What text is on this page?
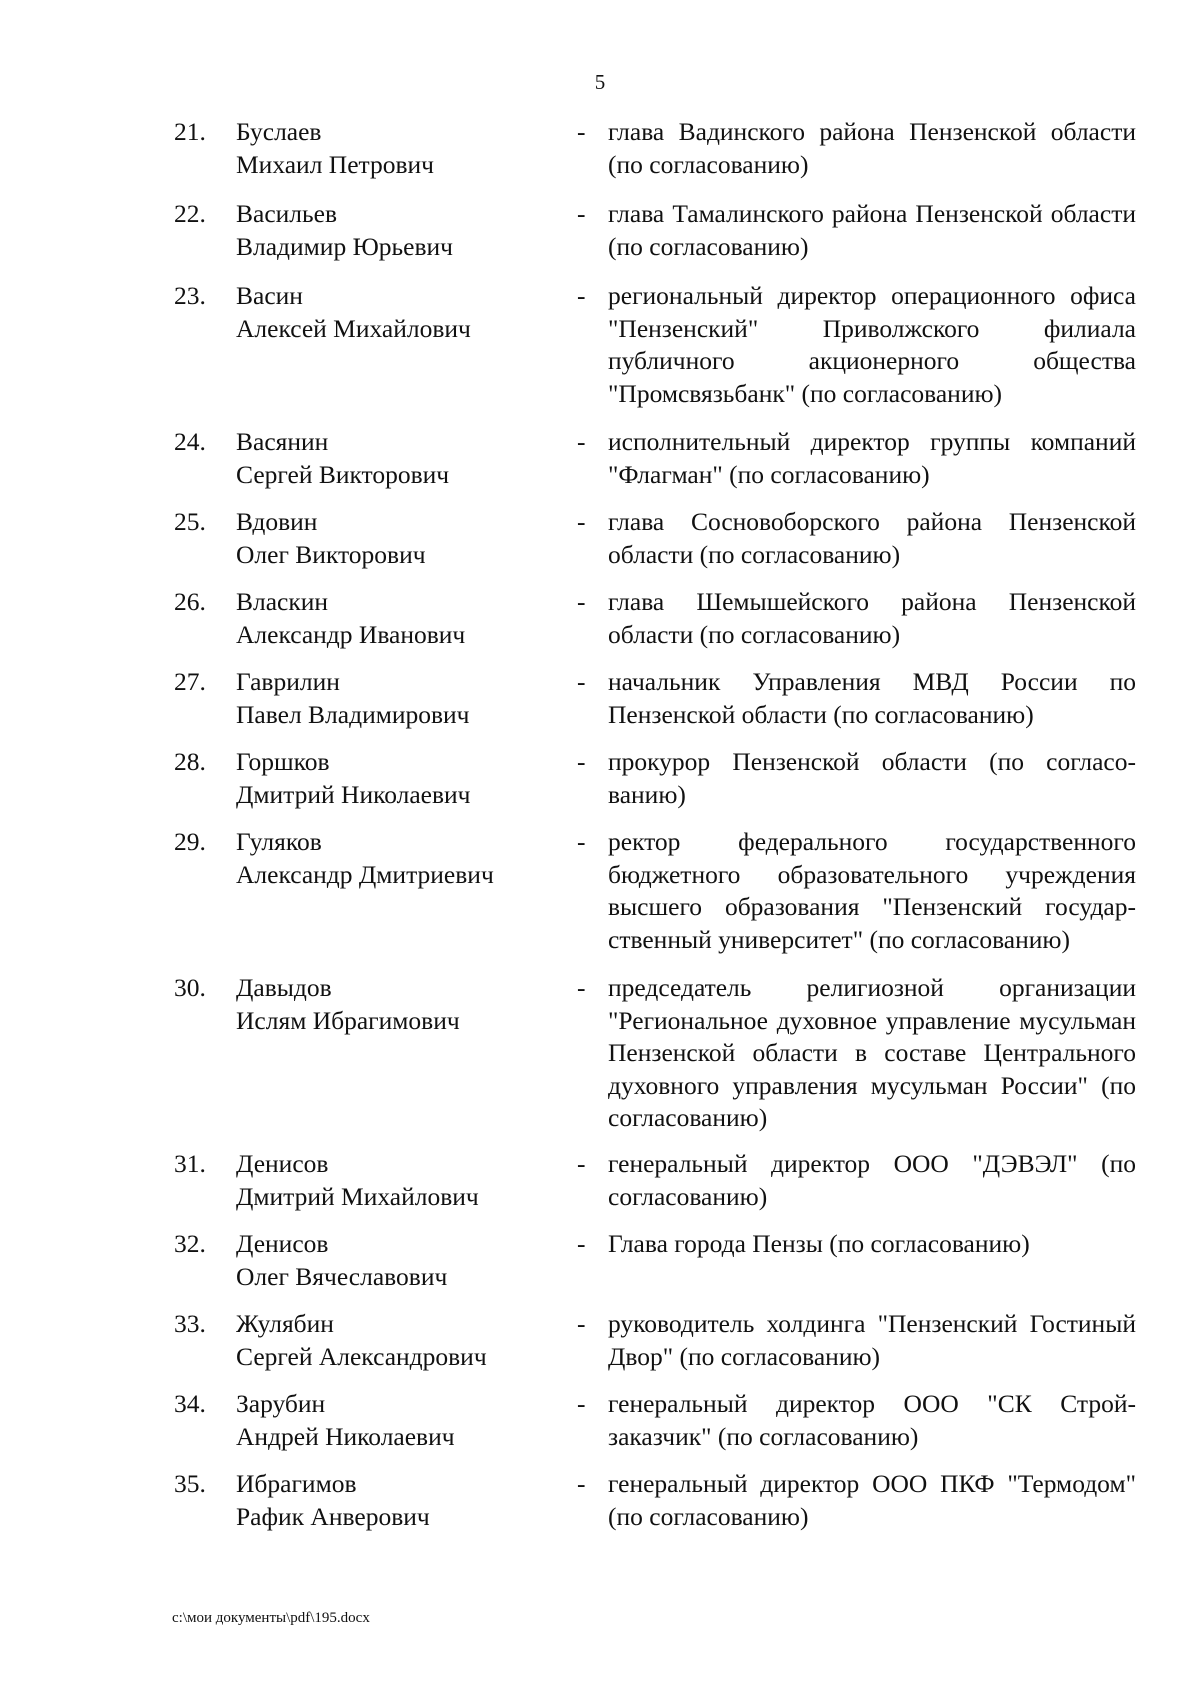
5
21.	Буслаев
Михаил Петрович
- глава Вадинского района Пензенской области (по согласованию)
22.	Васильев
Владимир Юрьевич
- глава Тамалинского района Пензенской области (по согласованию)
23.	Васин
Алексей Михайлович
- региональный директор операционного офиса "Пензенский" Приволжского филиала публичного акционерного общества "Промсвязьбанк" (по согласованию)
24.	Васянин
Сергей Викторович
- исполнительный директор группы компаний "Флагман" (по согласованию)
25.	Вдовин
Олег Викторович
- глава Сосновоборского района Пензенской области (по согласованию)
26.	Власкин
Александр Иванович
- глава Шемышейского района Пензенской области (по согласованию)
27.	Гаврилин
Павел Владимирович
- начальник Управления МВД России по Пензенской области (по согласованию)
28.	Горшков
Дмитрий Николаевич
- прокурор Пензенской области (по согласо-ванию)
29.	Гуляков
Александр Дмитриевич
- ректор федерального государственного бюджетного образовательного учреждения высшего образования "Пензенский государ-ственный университет" (по согласованию)
30.	Давыдов
Ислям Ибрагимович
- председатель религиозной организации "Региональное духовное управление мусульман Пензенской области в составе Центрального духовного управления мусульман России" (по согласованию)
31.	Денисов
Дмитрий Михайлович
- генеральный директор ООО "ДЭВЭЛ" (по согласованию)
32.	Денисов
Олег Вячеславович
- Глава города Пензы (по согласованию)
33.	Жулябин
Сергей Александрович
- руководитель холдинга "Пензенский Гостиный Двор" (по согласованию)
34.	Зарубин
Андрей Николаевич
- генеральный директор ООО "СК Строй-заказчик" (по согласованию)
35.	Ибрагимов
Рафик Анверович
- генеральный директор ООО ПКФ "Термодом" (по согласованию)
c:\мои документы\pdf\195.docx
